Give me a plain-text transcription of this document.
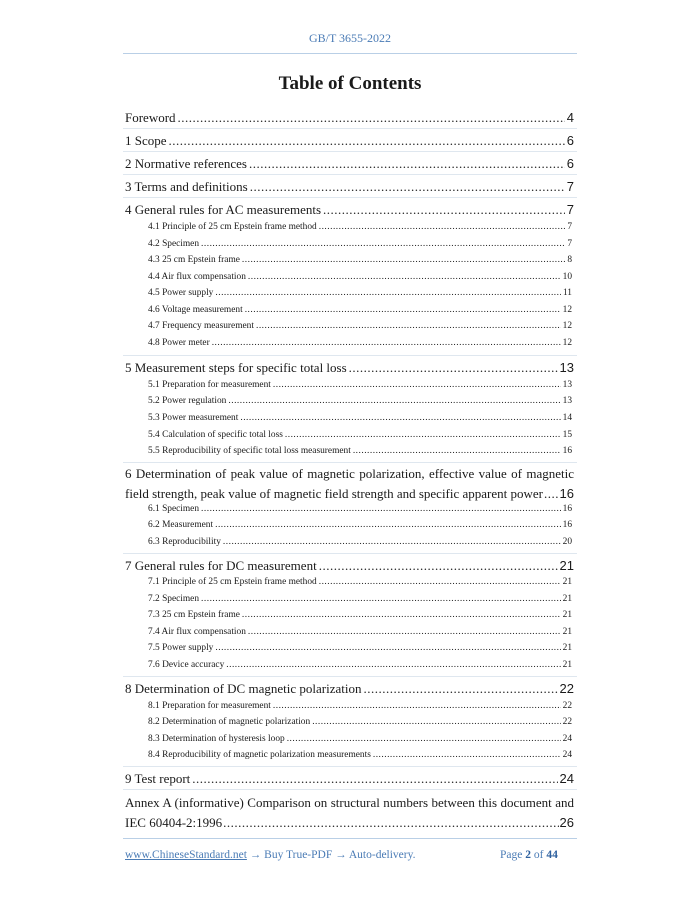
GB/T 3655-2022
Table of Contents
Foreword .....	4
1 Scope .....	6
2 Normative references .....	6
3 Terms and definitions .....	7
4 General rules for AC measurements .....	7
4.1 Principle of 25 cm Epstein frame method .....	7
4.2 Specimen .....	7
4.3 25 cm Epstein frame .....	8
4.4 Air flux compensation .....	10
4.5 Power supply .....	11
4.6 Voltage measurement .....	12
4.7 Frequency measurement .....	12
4.8 Power meter .....	12
5 Measurement steps for specific total loss .....	13
5.1 Preparation for measurement .....	13
5.2 Power regulation .....	13
5.3 Power measurement .....	14
5.4 Calculation of specific total loss .....	15
5.5 Reproducibility of specific total loss measurement .....	16
6 Determination of peak value of magnetic polarization, effective value of magnetic
field strength, peak value of magnetic field strength and specific apparent power ..... 16
6.1 Specimen .....	16
6.2 Measurement .....	16
6.3 Reproducibility .....	20
7 General rules for DC measurement .....	21
7.1 Principle of 25 cm Epstein frame method .....	21
7.2 Specimen .....	21
7.3 25 cm Epstein frame .....	21
7.4 Air flux compensation .....	21
7.5 Power supply .....	21
7.6 Device accuracy .....	21
8 Determination of DC magnetic polarization .....	22
8.1 Preparation for measurement .....	22
8.2 Determination of magnetic polarization .....	22
8.3 Determination of hysteresis loop .....	24
8.4 Reproducibility of magnetic polarization measurements .....	24
9 Test report .....	24
Annex A (informative) Comparison on structural numbers between this document and
IEC 60404-2:1996 .....	26
www.ChineseStandard.net → Buy True-PDF → Auto-delivery.	Page 2 of 44
